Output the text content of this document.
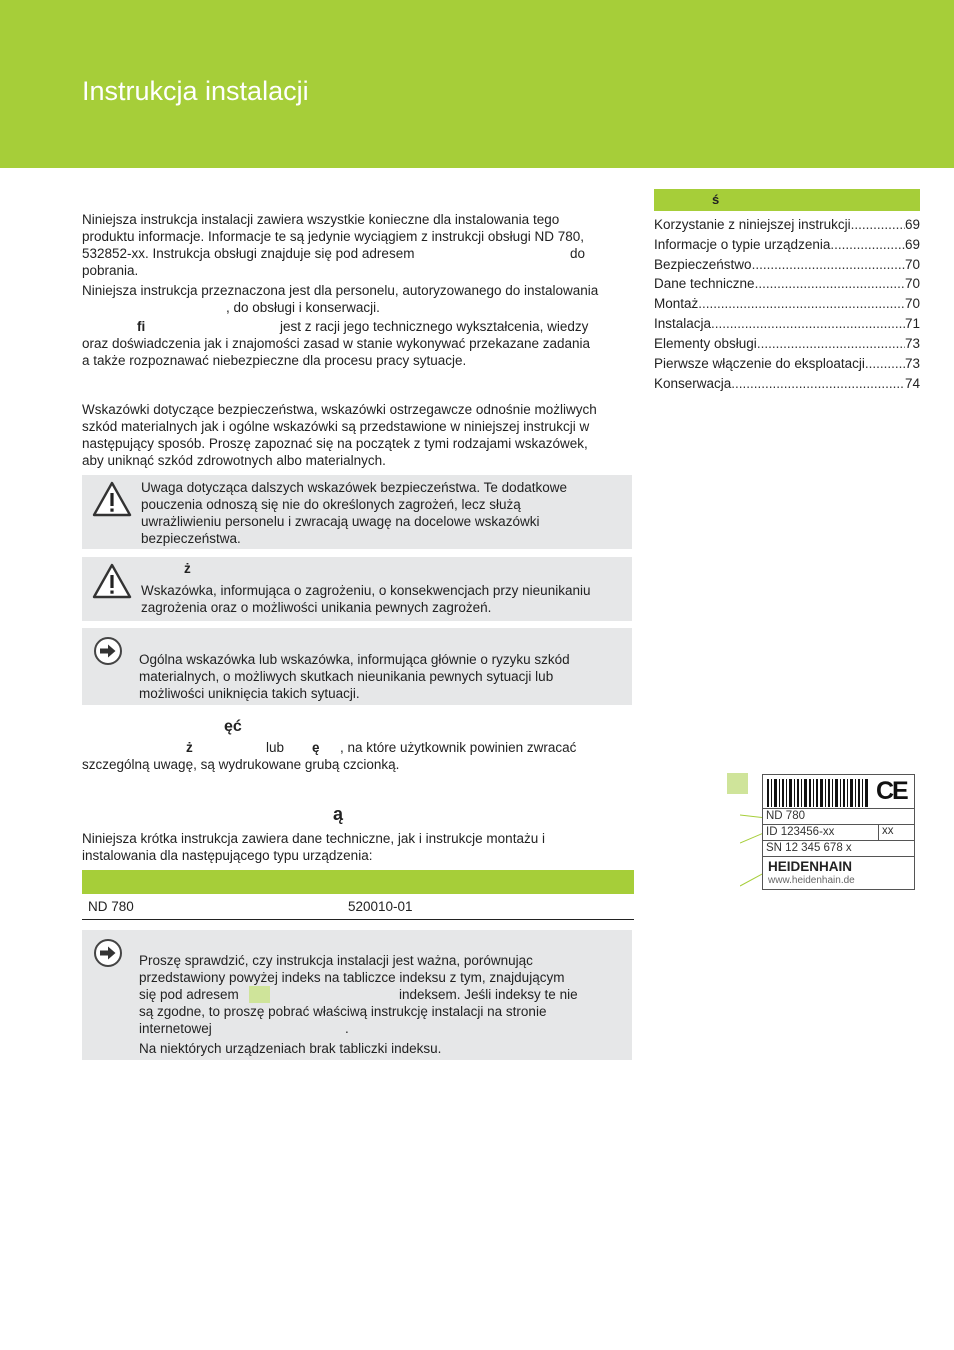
Instrukcja instalacji

Niniejsza instrukcja instalacji zawiera wszystkie konieczne dla instalowania tego

produktu informacje. Informacje te są jedynie wyciągiem z instrukcji obsługi ND 780,

532852-xx. Instrukcja obsługi znajduje się pod adresem	do

pobrania.

Niniejsza instrukcja przeznaczona jest dla personelu, autoryzowanego do instalowania

, do obsługi i konserwacji.

fi	jest z racji jego technicznego wykształcenia, wiedzy

oraz doświadczenia jak i znajomości zasad w stanie wykonywać przekazane zadania

a także rozpoznawać niebezpieczne dla procesu pracy sytuacje.

Wskazówki dotyczące bezpieczeństwa, wskazówki ostrzegawcze odnośnie możliwych

szkód materialnych jak i ogólne wskazówki są przedstawione w niniejszej instrukcji w

następujący sposób. Proszę zapoznać się na początek z tymi rodzajami wskazówek,

aby uniknąć szkód zdrowotnych albo materialnych.

Uwaga dotycząca dalszych wskazówek bezpieczeństwa. Te dodatkowe

pouczenia odnoszą się nie do określonych zagrożeń, lecz służą

uwrażliwieniu personelu i zwracają uwagę na docelowe wskazówki

bezpieczeństwa.

ż

Wskazówka, informująca o zagrożeniu, o konsekwencjach przy nieunikaniu

zagrożenia oraz o możliwości unikania pewnych zagrożeń.

Ogólna wskazówka lub wskazówka, informująca głównie o ryzyku szkód

materialnych, o możliwych skutkach nieunikania pewnych sytuacji lub

możliwości uniknięcia takich sytuacji.

ęć

ż	lub ę , na które użytkownik powinien zwracać

szczególną uwagę, są wydrukowane grubą czcionką.

ą

Niniejsza krótka instrukcja zawiera dane techniczne, jak i instrukcje montażu i

instalowania dla następującego typu urządzenia:

ND 780	520010-01

Proszę sprawdzić, czy instrukcja instalacji jest ważna, porównując

przedstawiony powyżej indeks na tabliczce indeksu z tym, znajdującym

się pod adresem	indeksem. Jeśli indeksy te nie

są zgodne, to proszę pobrać właściwą instrukcję instalacji na stronie

internetowej	.

Na niektórych urządzeniach brak tabliczki indeksu.

ś
Korzystanie z niniejszej instrukcji .....	69
Informacje o typie urządzenia .....	69
Bezpieczeństwo .....	70
Dane techniczne .....	70
Montaż .....	70
Instalacja .....	71
Elementy obsługi .....	73
Pierwsze włączenie do eksploatacji .....	73
Konserwacja .....	74
CE
ND 780
ID 123456-xx	xx
SN 12 345 678 x
HEIDENHAIN
www.heidenhain.de
